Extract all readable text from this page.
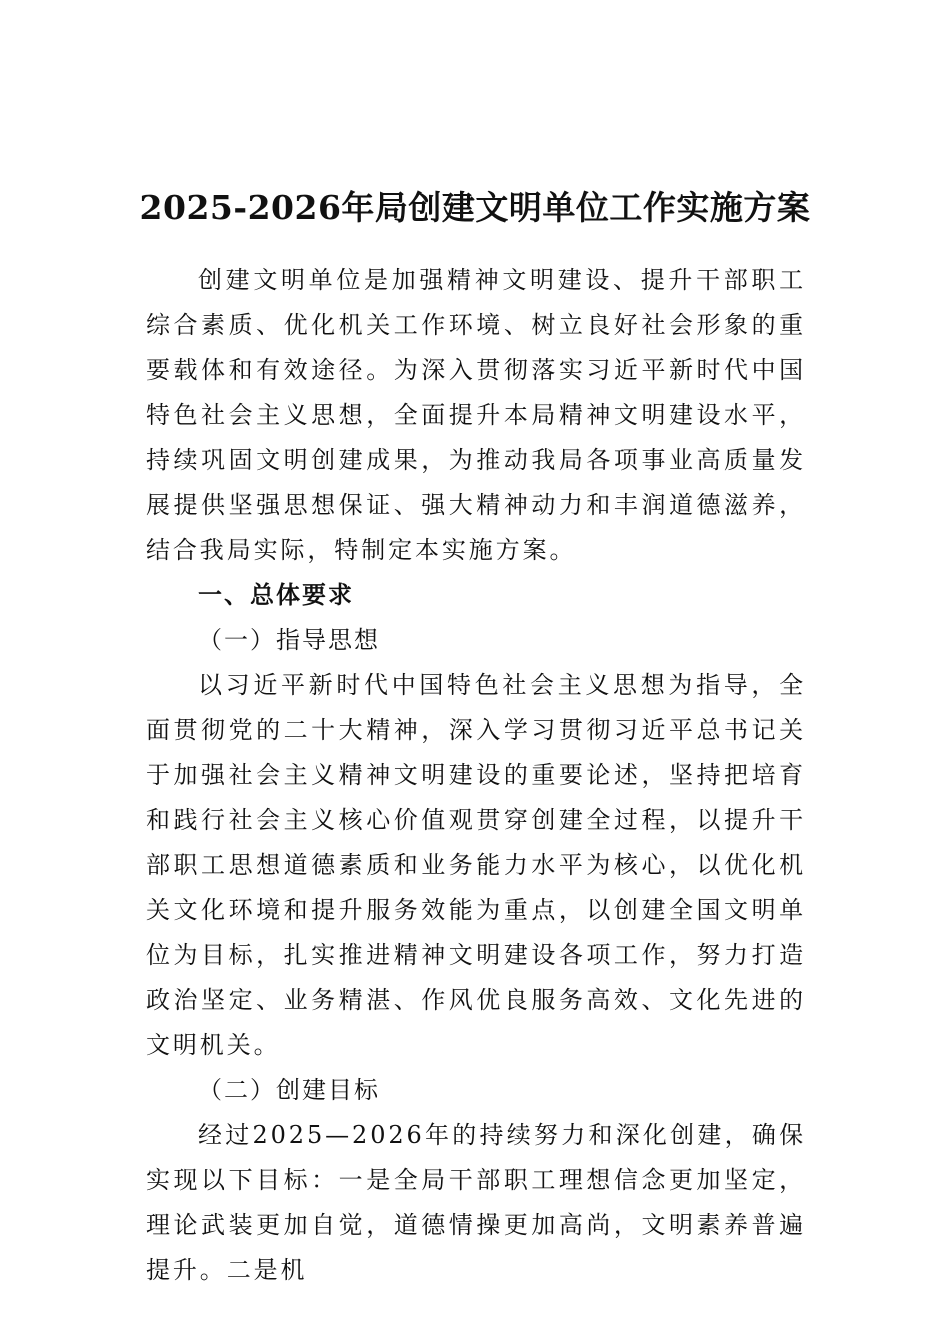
2025-2026年局创建文明单位工作实施方案

创建文明单位是加强精神文明建设、提升干部职工综合素质、优化机关工作环境、树立良好社会形象的重要载体和有效途径。为深入贯彻落实习近平新时代中国特色社会主义思想，全面提升本局精神文明建设水平，持续巩固文明创建成果，为推动我局各项事业高质量发展提供坚强思想保证、强大精神动力和丰润道德滋养，结合我局实际，特制定本实施方案。

一、总体要求

（一）指导思想

以习近平新时代中国特色社会主义思想为指导，全面贯彻党的二十大精神，深入学习贯彻习近平总书记关于加强社会主义精神文明建设的重要论述，坚持把培育和践行社会主义核心价值观贯穿创建全过程，以提升干部职工思想道德素质和业务能力水平为核心，以优化机关文化环境和提升服务效能为重点，以创建全国文明单位为目标，扎实推进精神文明建设各项工作，努力打造政治坚定、业务精湛、作风优良服务高效、文化先进的文明机关。

（二）创建目标

经过2025—2026年的持续努力和深化创建，确保实现以下目标：一是全局干部职工理想信念更加坚定，理论武装更加自觉，道德情操更加高尚，文明素养普遍提升。二是机
